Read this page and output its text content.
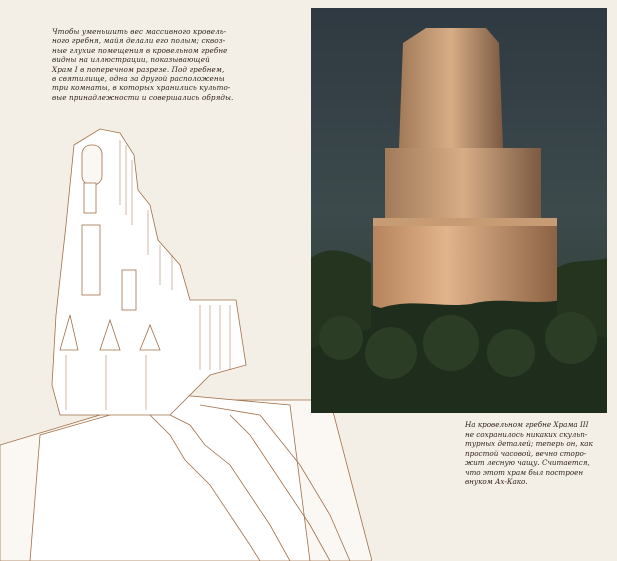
Чтобы уменьшить вес массивного кровель-

ного гребня, майя делали его полым; сквоз-

ные глухие помещения в кровельном гребне

видны на иллюстрации, показывающей

Храм I в поперечном разрезе. Под гребнем,

в святилище, одна за другой расположены

три комнаты, в которых хранились культо-

вые принадлежности и совершались обряды.

На кровельном гребне Храма III

не сохранилось никаких скульп-

турных деталей; теперь он, как

простой часовой, вечно сторо-

жит лесную чащу. Считается,

что этот храм был построен

внуком Ах-Како.
